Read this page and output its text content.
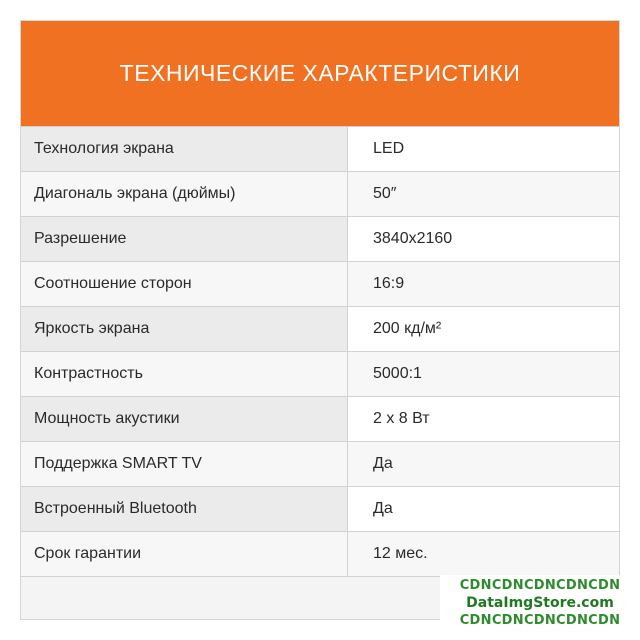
ТЕХНИЧЕСКИЕ ХАРАКТЕРИСТИКИ
Технология экрана	LED
Диагональ экрана (дюймы)	50″
Разрешение	3840x2160
Соотношение сторон	16:9
Яркость экрана	200 кд/м²
Контрастность	5000:1
Мощность акустики	2 х 8 Вт
Поддержка SMART TV	Да
Встроенный Bluetooth	Да
Срок гарантии	12 мес.
CDNCDNCDNCDNCDN
DataImgStore.com
CDNCDNCDNCDNCDN
